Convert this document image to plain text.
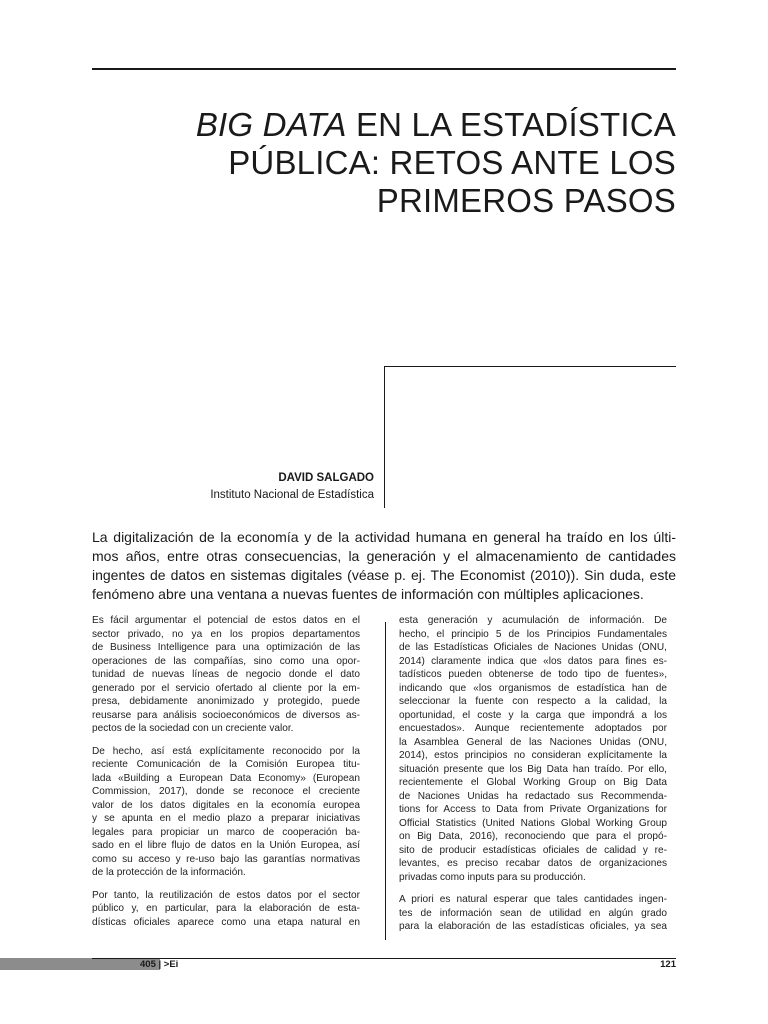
BIG DATA EN LA ESTADÍSTICA
PÚBLICA: RETOS ANTE LOS
PRIMEROS PASOS
DAVID SALGADO
Instituto Nacional de Estadística
La digitalización de la economía y de la actividad humana en general ha traído en los últi-
mos años, entre otras consecuencias, la generación y el almacenamiento de cantidades
ingentes de datos en sistemas digitales (véase p. ej. The Economist (2010)). Sin duda, este
fenómeno abre una ventana a nuevas fuentes de información con múltiples aplicaciones.
Es fácil argumentar el potencial de estos datos en el
sector privado, no ya en los propios departamentos
de Business Intelligence para una optimización de las
operaciones de las compañías, sino como una opor-
tunidad de nuevas líneas de negocio donde el dato
generado por el servicio ofertado al cliente por la em-
presa, debidamente anonimizado y protegido, puede
reusarse para análisis socioeconómicos de diversos as-
pectos de la sociedad con un creciente valor.
De hecho, así está explícitamente reconocido por la
reciente Comunicación de la Comisión Europea titu-
lada «Building a European Data Economy» (European
Commission, 2017), donde se reconoce el creciente
valor de los datos digitales en la economía europea
y se apunta en el medio plazo a preparar iniciativas
legales para propiciar un marco de cooperación ba-
sado en el libre flujo de datos en la Unión Europea, así
como su acceso y re-uso bajo las garantías normativas
de la protección de la información.
Por tanto, la reutilización de estos datos por el sector
público y, en particular, para la elaboración de esta-
dísticas oficiales aparece como una etapa natural en
esta generación y acumulación de información. De
hecho, el principio 5 de los Principios Fundamentales
de las Estadísticas Oficiales de Naciones Unidas (ONU,
2014) claramente indica que «los datos para fines es-
tadísticos pueden obtenerse de todo tipo de fuentes»,
indicando que «los organismos de estadística han de
seleccionar la fuente con respecto a la calidad, la
oportunidad, el coste y la carga que impondrá a los
encuestados». Aunque recientemente adoptados por
la Asamblea General de las Naciones Unidas (ONU,
2014), estos principios no consideran explícitamente la
situación presente que los Big Data han traído. Por ello,
recientemente el Global Working Group on Big Data
de Naciones Unidas ha redactado sus Recommenda-
tions for Access to Data from Private Organizations for
Official Statistics (United Nations Global Working Group
on Big Data, 2016), reconociendo que para el propó-
sito de producir estadísticas oficiales de calidad y re-
levantes, es preciso recabar datos de organizaciones
privadas como inputs para su producción.
A priori es natural esperar que tales cantidades ingen-
tes de información sean de utilidad en algún grado
para la elaboración de las estadísticas oficiales, ya sea
405 | >Ei	121
